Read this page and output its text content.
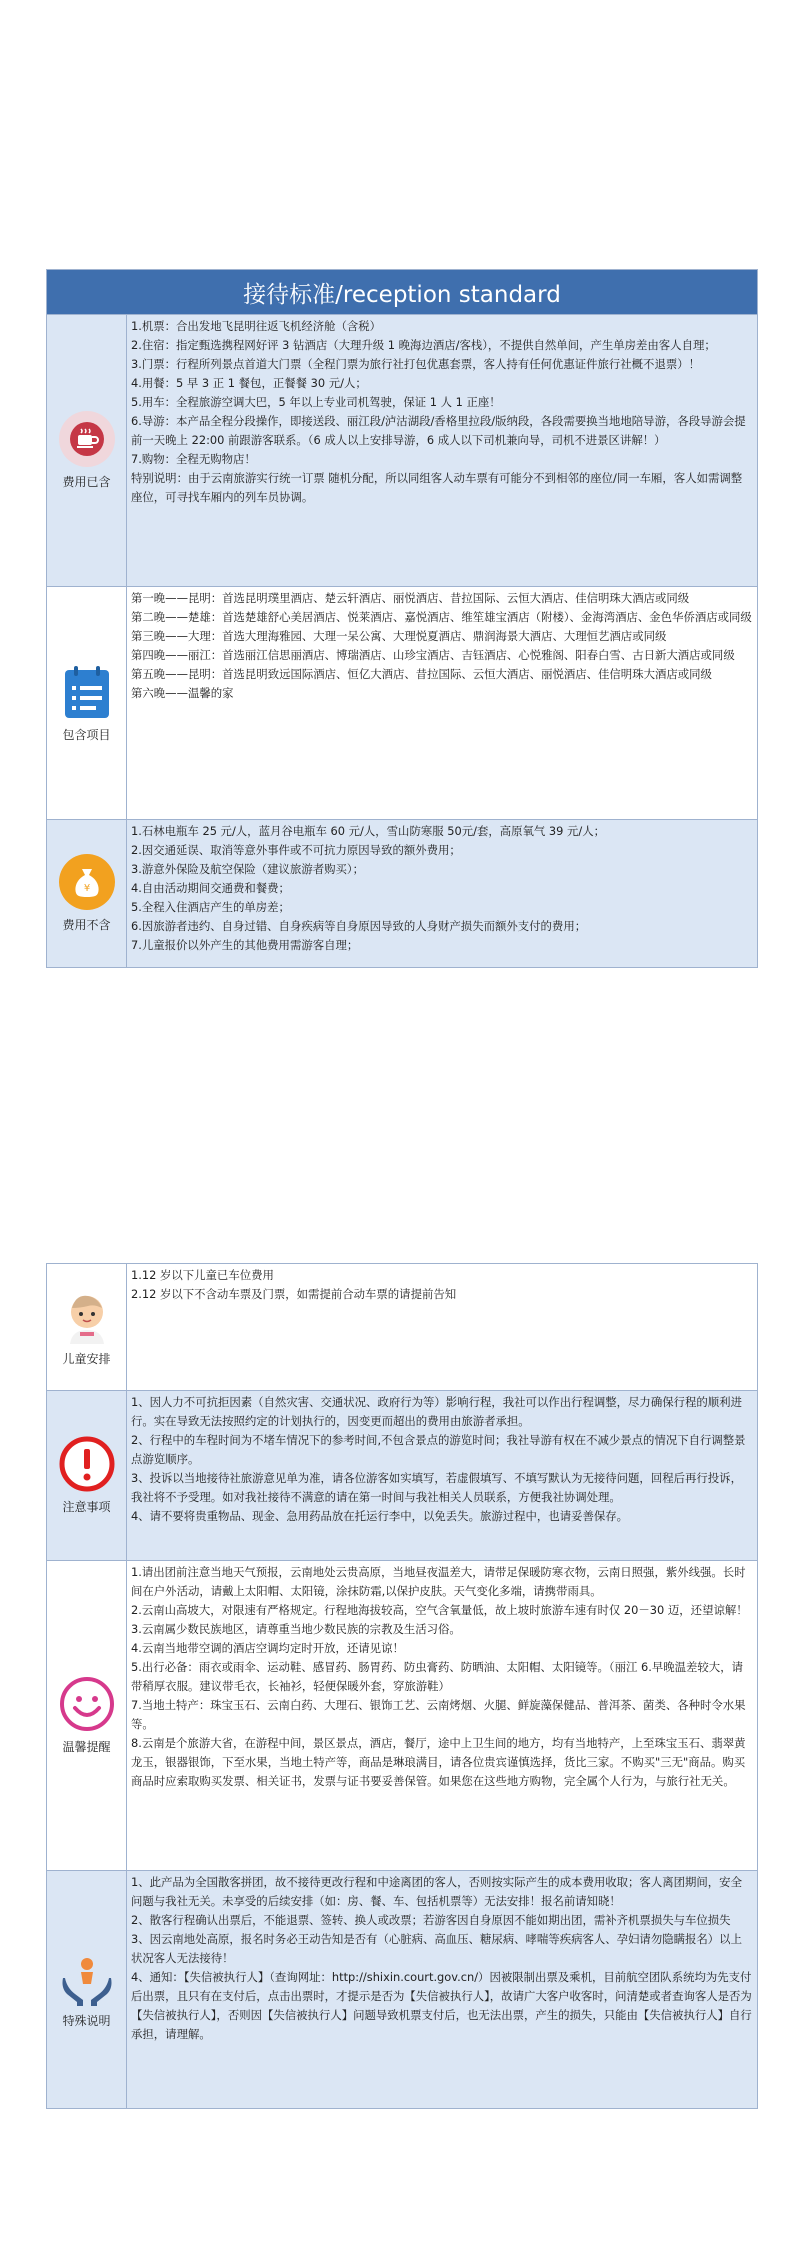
接待标准/reception standard
费用已含
1.机票：合出发地飞昆明往返飞机经济舱（含税）
2.住宿：指定甄选携程网好评 3 钻酒店（大理升级 1 晚海边酒店/客栈），不提供自然单间，产生单房差由客人自理；
3.门票：行程所列景点首道大门票（全程门票为旅行社打包优惠套票，客人持有任何优惠证件旅行社概不退票）！
4.用餐：5 早 3 正 1 餐包，正餐餐 30 元/人；
5.用车：全程旅游空调大巴，5 年以上专业司机驾驶，保证 1 人 1 正座！
6.导游：本产品全程分段操作，即接送段、丽江段/泸沽湖段/香格里拉段/版纳段，各段需要换当地地陪导游，各段导游会提前一天晚上 22:00 前跟游客联系。（6 成人以上安排导游，6 成人以下司机兼向导，司机不进景区讲解！）
7.购物：全程无购物店！
特别说明：由于云南旅游实行统一订票 随机分配，所以同组客人动车票有可能分不到相邻的座位/同一车厢，客人如需调整座位，可寻找车厢内的列车员协调。
包含项目
第一晚——昆明：首选昆明璞里酒店、楚云轩酒店、丽悦酒店、昔拉国际、云恒大酒店、佳信明珠大酒店或同级
第二晚——楚雄：首选楚雄舒心美居酒店、悦莱酒店、嘉悦酒店、维笙雄宝酒店（附楼）、金海湾酒店、金色华侨酒店或同级
第三晚——大理：首选大理海雅园、大理一呆公寓、大理悦夏酒店、鼎润海景大酒店、大理恒艺酒店或同级
第四晚——丽江：首选丽江信思丽酒店、博瑞酒店、山珍宝酒店、吉钰酒店、心悦雅阁、阳春白雪、古日新大酒店或同级
第五晚——昆明：首选昆明致远国际酒店、恒亿大酒店、昔拉国际、云恒大酒店、丽悦酒店、佳信明珠大酒店或同级
第六晚——温馨的家
¥
费用不含
1.石林电瓶车 25 元/人，蓝月谷电瓶车 60 元/人，雪山防寒服 50元/套，高原氧气 39 元/人；
2.因交通延误、取消等意外事件或不可抗力原因导致的额外费用；
3.游意外保险及航空保险（建议旅游者购买）；
4.自由活动期间交通费和餐费；
5.全程入住酒店产生的单房差；
6.因旅游者违约、自身过错、自身疾病等自身原因导致的人身财产损失而额外支付的费用；
7.儿童报价以外产生的其他费用需游客自理；
儿童安排
1.12 岁以下儿童已车位费用
2.12 岁以下不含动车票及门票，如需提前合动车票的请提前告知
注意事项
1、因人力不可抗拒因素（自然灾害、交通状况、政府行为等）影响行程，我社可以作出行程调整，尽力确保行程的顺利进行。实在导致无法按照约定的计划执行的，因变更而超出的费用由旅游者承担。
2、行程中的车程时间为不堵车情况下的参考时间,不包含景点的游览时间；我社导游有权在不减少景点的情况下自行调整景点游览顺序。
3、投诉以当地接待社旅游意见单为准，请各位游客如实填写，若虚假填写、不填写默认为无接待问题，回程后再行投诉，我社将不予受理。如对我社接待不满意的请在第一时间与我社相关人员联系，方便我社协调处理。
4、请不要将贵重物品、现金、急用药品放在托运行李中，以免丢失。旅游过程中，也请妥善保存。
温馨提醒
1.请出团前注意当地天气预报，云南地处云贵高原，当地昼夜温差大，请带足保暖防寒衣物，云南日照强，紫外线强。长时间在户外活动，请戴上太阳帽、太阳镜，涂抹防霜,以保护皮肤。天气变化多端，请携带雨具。
2.云南山高坡大，对限速有严格规定。行程地海拔较高，空气含氧量低，故上坡时旅游车速有时仅 20－30 迈，还望谅解！
3.云南属少数民族地区，请尊重当地少数民族的宗教及生活习俗。
4.云南当地带空调的酒店空调均定时开放，还请见谅！
5.出行必备：雨衣或雨伞、运动鞋、感冒药、肠胃药、防虫膏药、防晒油、太阳帽、太阳镜等。（丽江 6.早晚温差较大，请带稍厚衣服。建议带毛衣，长袖衫，轻便保暖外套，穿旅游鞋）
7.当地土特产：珠宝玉石、云南白药、大理石、银饰工艺、云南烤烟、火腿、鲜旋藻保健品、普洱茶、菌类、各种时令水果等。
8.云南是个旅游大省，在游程中间，景区景点，酒店，餐厅，途中上卫生间的地方，均有当地特产，上至珠宝玉石、翡翠黄龙玉，银器银饰，下至水果，当地土特产等，商品是琳琅满目，请各位贵宾谨慎选择，货比三家。不购买"三无"商品。购买商品时应索取购买发票、相关证书，发票与证书要妥善保管。如果您在这些地方购物，完全属个人行为，与旅行社无关。
特殊说明
1、此产品为全国散客拼团，故不接待更改行程和中途离团的客人，否则按实际产生的成本费用收取；客人离团期间，安全问题与我社无关。未享受的后续安排（如：房、餐、车、包括机票等）无法安排！报名前请知晓！
2、散客行程确认出票后，不能退票、签转、换人或改票；若游客因自身原因不能如期出团，需补齐机票损失与车位损失
3、因云南地处高原，报名时务必王动告知是否有（心脏病、高血压、糖尿病、哮喘等疾病客人、孕妇请勿隐瞒报名）以上状况客人无法接待！
4、通知：【失信被执行人】（查询网址：http://shixin.court.gov.cn/）因被限制出票及乘机，目前航空团队系统均为先支付后出票，且只有在支付后，点击出票时，才提示是否为【失信被执行人】，故请广大客户收客时，问清楚或者查询客人是否为【失信被执行人】，否则因【失信被执行人】问题导致机票支付后，也无法出票，产生的损失，只能由【失信被执行人】自行承担，请理解。
